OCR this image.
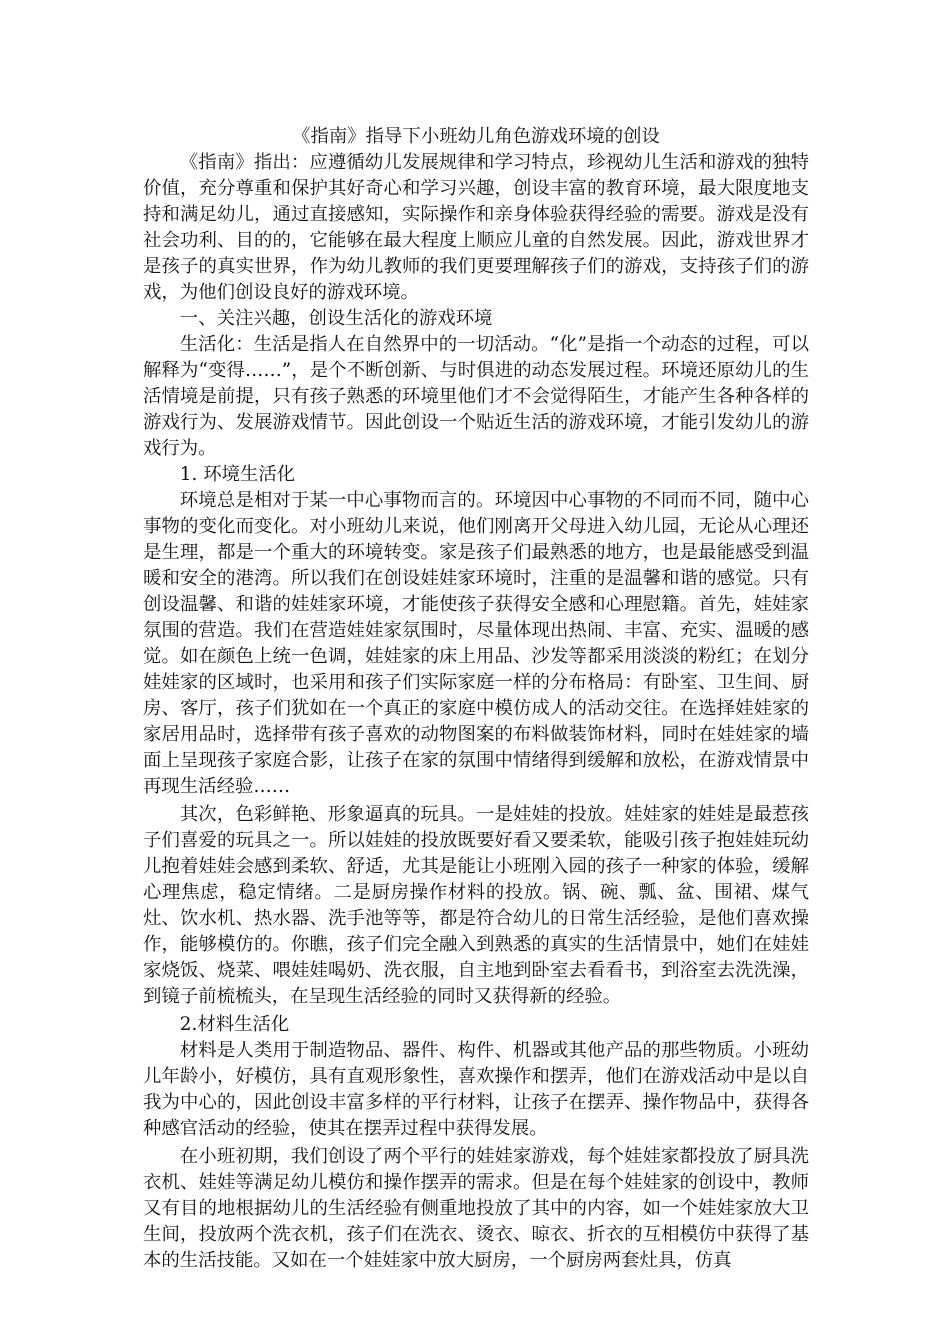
《指南》指导下小班幼儿角色游戏环境的创设

《指南》指出：应遵循幼儿发展规律和学习特点，珍视幼儿生活和游戏的独特价值，充分尊重和保护其好奇心和学习兴趣，创设丰富的教育环境，最大限度地支持和满足幼儿，通过直接感知，实际操作和亲身体验获得经验的需要。游戏是没有社会功利、目的的，它能够在最大程度上顺应儿童的自然发展。因此，游戏世界才是孩子的真实世界，作为幼儿教师的我们更要理解孩子们的游戏，支持孩子们的游戏，为他们创设良好的游戏环境。

一、关注兴趣，创设生活化的游戏环境

生活化：生活是指人在自然界中的一切活动。“化”是指一个动态的过程，可以解释为“变得……”，是个不断创新、与时俱进的动态发展过程。环境还原幼儿的生活情境是前提，只有孩子熟悉的环境里他们才不会觉得陌生，才能产生各种各样的游戏行为、发展游戏情节。因此创设一个贴近生活的游戏环境，才能引发幼儿的游戏行为。

1. 环境生活化

环境总是相对于某一中心事物而言的。环境因中心事物的不同而不同，随中心事物的变化而变化。对小班幼儿来说，他们刚离开父母进入幼儿园，无论从心理还是生理，都是一个重大的环境转变。家是孩子们最熟悉的地方，也是最能感受到温暖和安全的港湾。所以我们在创设娃娃家环境时，注重的是温馨和谐的感觉。只有创设温馨、和谐的娃娃家环境，才能使孩子获得安全感和心理慰籍。首先，娃娃家氛围的营造。我们在营造娃娃家氛围时，尽量体现出热闹、丰富、充实、温暖的感觉。如在颜色上统一色调，娃娃家的床上用品、沙发等都采用淡淡的粉红；在划分娃娃家的区域时，也采用和孩子们实际家庭一样的分布格局：有卧室、卫生间、厨房、客厅，孩子们犹如在一个真正的家庭中模仿成人的活动交往。在选择娃娃家的家居用品时，选择带有孩子喜欢的动物图案的布料做装饰材料，同时在娃娃家的墙面上呈现孩子家庭合影，让孩子在家的氛围中情绪得到缓解和放松，在游戏情景中再现生活经验……

其次，色彩鲜艳、形象逼真的玩具。一是娃娃的投放。娃娃家的娃娃是最惹孩子们喜爱的玩具之一。所以娃娃的投放既要好看又要柔软，能吸引孩子抱娃娃玩幼儿抱着娃娃会感到柔软、舒适，尤其是能让小班刚入园的孩子一种家的体验，缓解心理焦虑，稳定情绪。二是厨房操作材料的投放。锅、碗、瓢、盆、围裙、煤气灶、饮水机、热水器、洗手池等等，都是符合幼儿的日常生活经验，是他们喜欢操作，能够模仿的。你瞧，孩子们完全融入到熟悉的真实的生活情景中，她们在娃娃家烧饭、烧菜、喂娃娃喝奶、洗衣服，自主地到卧室去看看书，到浴室去洗洗澡，到镜子前梳梳头，在呈现生活经验的同时又获得新的经验。

2.材料生活化

材料是人类用于制造物品、器件、构件、机器或其他产品的那些物质。小班幼儿年龄小，好模仿，具有直观形象性，喜欢操作和摆弄，他们在游戏活动中是以自我为中心的，因此创设丰富多样的平行材料，让孩子在摆弄、操作物品中，获得各种感官活动的经验，使其在摆弄过程中获得发展。

在小班初期，我们创设了两个平行的娃娃家游戏，每个娃娃家都投放了厨具洗衣机、娃娃等满足幼儿模仿和操作摆弄的需求。但是在每个娃娃家的创设中，教师又有目的地根据幼儿的生活经验有侧重地投放了其中的内容，如一个娃娃家放大卫生间，投放两个洗衣机，孩子们在洗衣、烫衣、晾衣、折衣的互相模仿中获得了基本的生活技能。又如在一个娃娃家中放大厨房，一个厨房两套灶具，仿真
